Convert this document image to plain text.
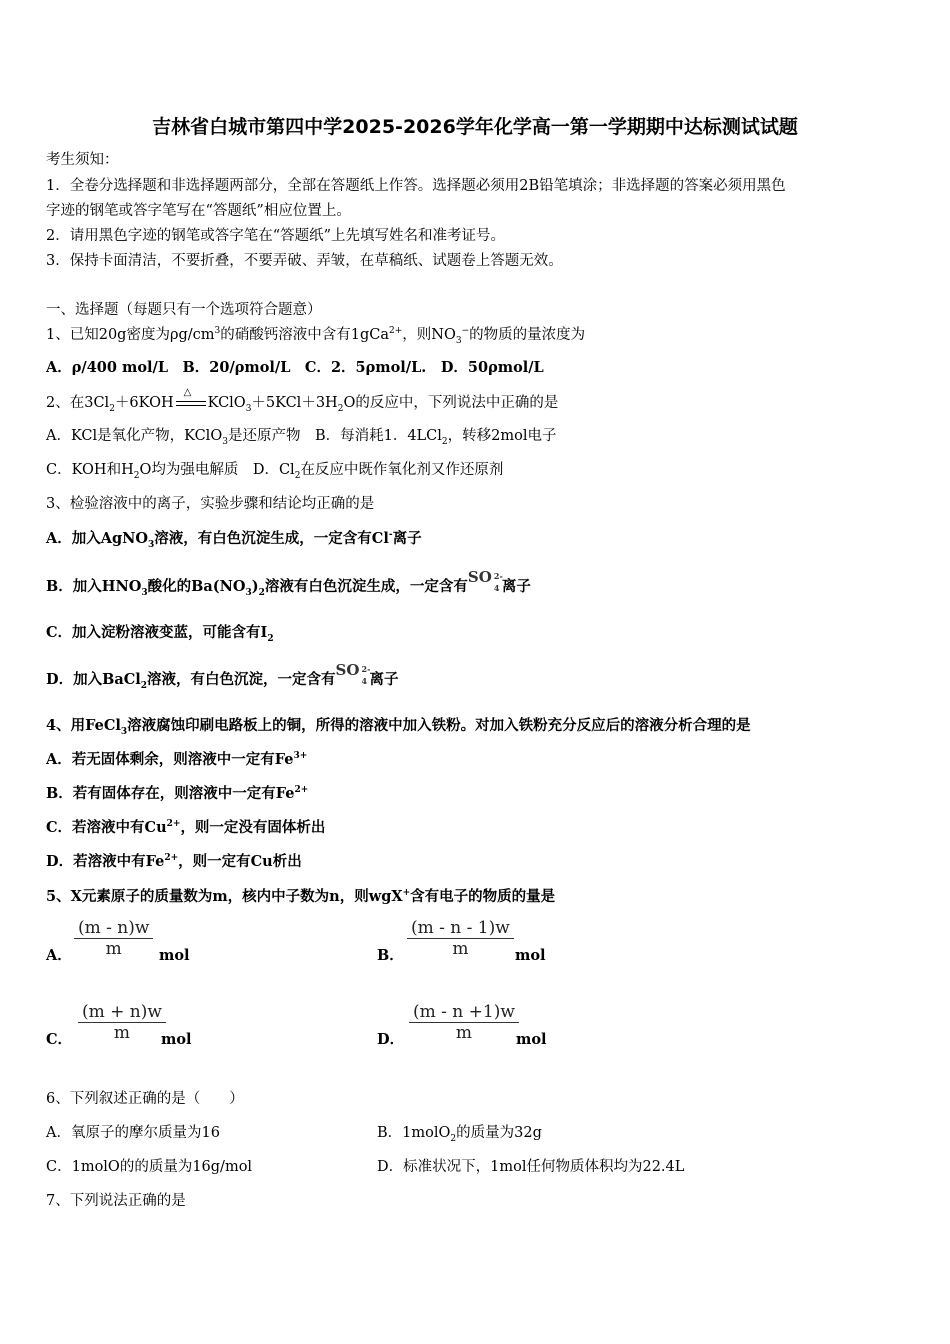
吉林省白城市第四中学2025-2026学年化学高一第一学期期中达标测试试题
考生须知：
1．全卷分选择题和非选择题两部分，全部在答题纸上作答。选择题必须用2B铅笔填涂；非选择题的答案必须用黑色
字迹的钢笔或答字笔写在“答题纸”相应位置上。
2．请用黑色字迹的钢笔或答字笔在“答题纸”上先填写姓名和准考证号。
3．保持卡面清洁，不要折叠，不要弄破、弄皱，在草稿纸、试题卷上答题无效。
一、选择题（每题只有一个选项符合题意）
1、已知20g密度为$\rho g/cm^3$的硝酸钙溶液中含有1gCa$^{2+}$，则$NO_3^-$的物质的量浓度为
A．ρ/400 mol/L　B．20/ρmol/L　C．2．5ρmol/L.　D．50ρmol/L
2、在$3Cl_2+6KOH$
△
$KClO_3+5KCl+3H_2O$的反应中，下列说法中正确的是
A．KCl是氧化产物，KClO$_3$是还原产物　B．每消耗1．4LCl$_2$，转移2mol电子
C．KOH和$H_2O$均为强电解质　D．$Cl_2$在反应中既作氧化剂又作还原剂
3、检验溶液中的离子，实验步骤和结论均正确的是
A．加入AgNO$_3$溶液，有白色沉淀生成，一定含有Cl-离子
B．加入$HNO_3$酸化的$Ba(NO_3)_2$溶液有白色沉淀生成，一定含有
SO 2-
4 离子
C．加入淀粉溶液变蓝，可能含有$I_2$
D．加入BaCl$_2$溶液，有白色沉淀，一定含有
SO 2-
4 离子
4、用FeCl$_3$溶液腐蚀印刷电路板上的铜，所得的溶液中加入铁粉。对加入铁粉充分反应后的溶液分析合理的是
A．若无固体剩余，则溶液中一定有$Fe^{3+}$
B．若有固体存在，则溶液中一定有$Fe^{2+}$
C．若溶液中有$Cu^{2+}$，则一定没有固体析出
D．若溶液中有$Fe^{2+}$，则一定有Cu析出
5、X元素原子的质量数为m，核内中子数为n，则wgX+含有电子的物质的量是
A． $\frac{(m - n)w}{m}$ mol	B． $\frac{(m - n - 1)w}{m}$ mol
C． $\frac{(m + n)w}{m}$
mol	D． $\frac{(m - n +1)w}{m}$
mol
6、下列叙述正确的是（　　）
A．氧原子的摩尔质量为16	B．1molO$_2$的质量为32g
C．1molO的的质量为16g/mol	D．标准状况下，1mol任何物质体积均为22.4L
7、下列说法正确的是
